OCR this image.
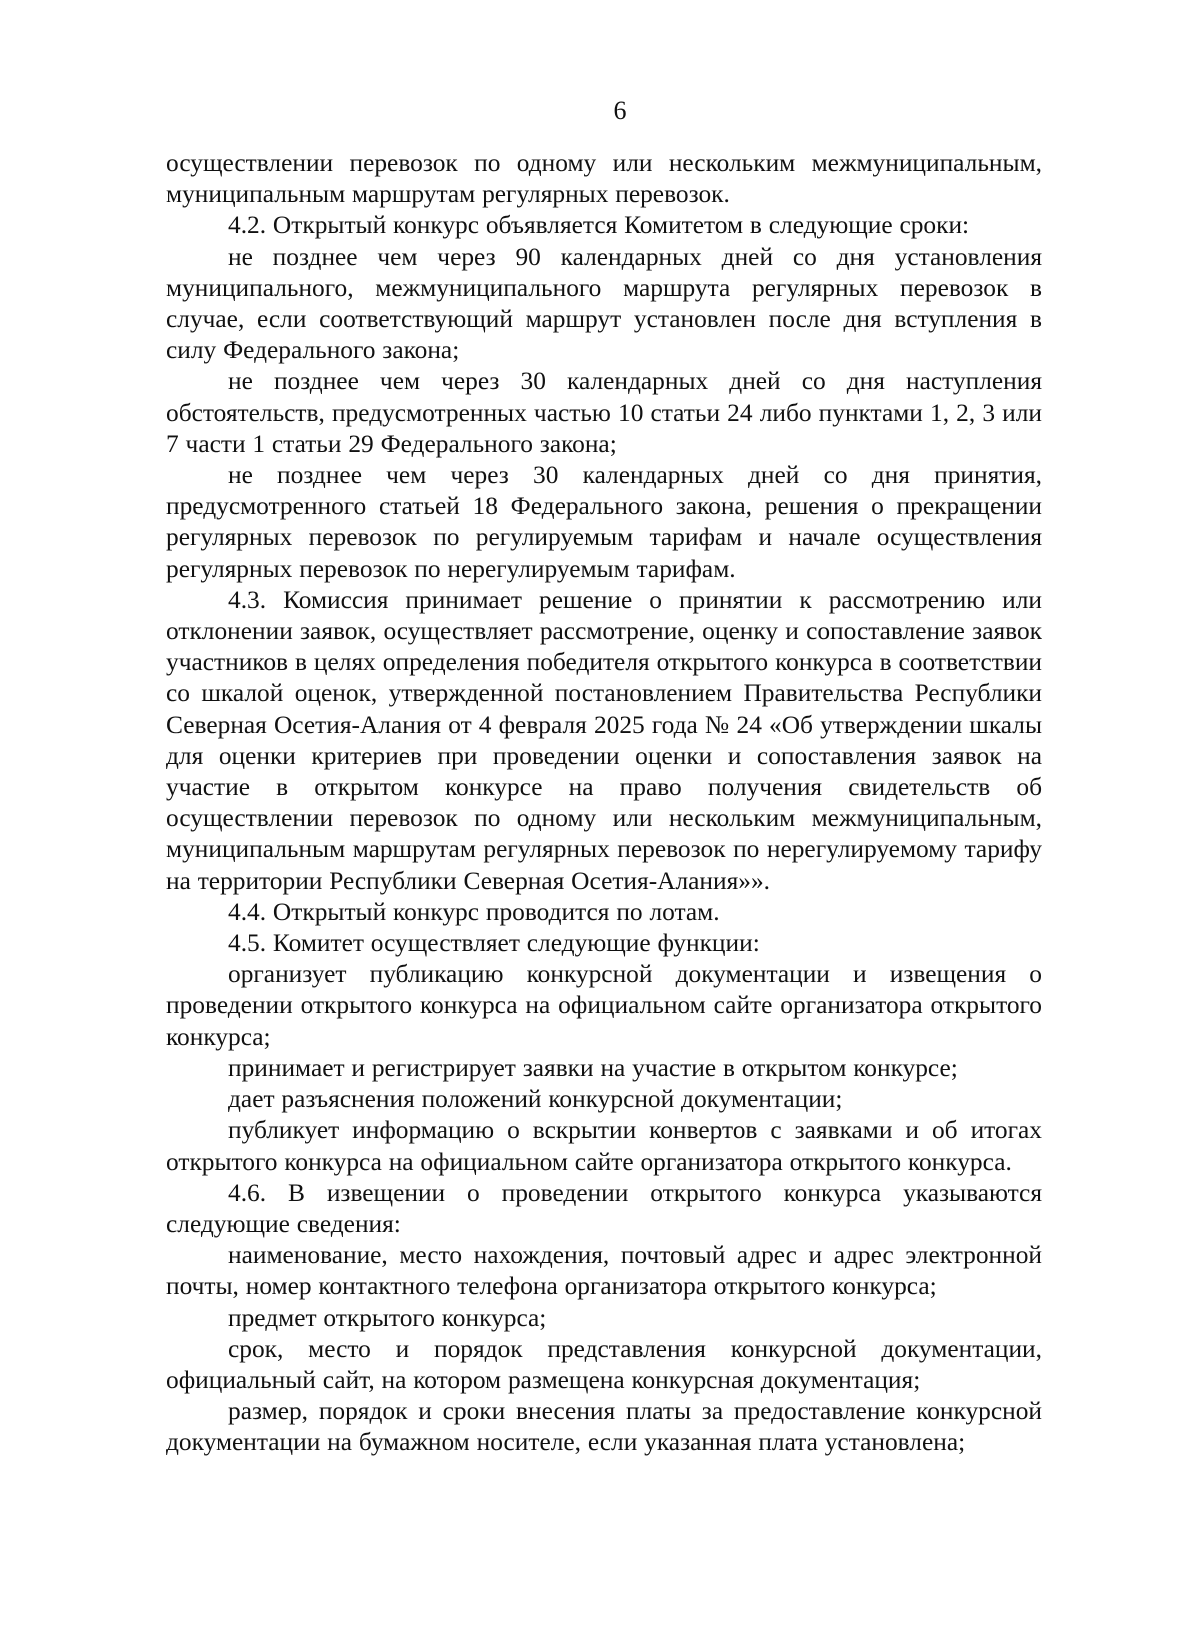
6

осуществлении перевозок по одному или нескольким межмуниципальным, муниципальным маршрутам регулярных перевозок.

4.2. Открытый конкурс объявляется Комитетом в следующие сроки:

не позднее чем через 90 календарных дней со дня установления муниципального, межмуниципального маршрута регулярных перевозок в случае, если соответствующий маршрут установлен после дня вступления в силу Федерального закона;

не позднее чем через 30 календарных дней со дня наступления обстоятельств, предусмотренных частью 10 статьи 24 либо пунктами 1, 2, 3 или 7 части 1 статьи 29 Федерального закона;

не позднее чем через 30 календарных дней со дня принятия, предусмотренного статьей 18 Федерального закона, решения о прекращении регулярных перевозок по регулируемым тарифам и начале осуществления регулярных перевозок по нерегулируемым тарифам.

4.3. Комиссия принимает решение о принятии к рассмотрению или отклонении заявок, осуществляет рассмотрение, оценку и сопоставление заявок участников в целях определения победителя открытого конкурса в соответствии со шкалой оценок, утвержденной постановлением Правительства Республики Северная Осетия-Алания от 4 февраля 2025 года № 24 «Об утверждении шкалы для оценки критериев при проведении оценки и сопоставления заявок на участие в открытом конкурсе на право получения свидетельств об осуществлении перевозок по одному или нескольким межмуниципальным, муниципальным маршрутам регулярных перевозок по нерегулируемому тарифу на территории Республики Северная Осетия-Алания»».

4.4. Открытый конкурс проводится по лотам.

4.5. Комитет осуществляет следующие функции:

организует публикацию конкурсной документации и извещения о проведении открытого конкурса на официальном сайте организатора открытого конкурса;

принимает и регистрирует заявки на участие в открытом конкурсе;

дает разъяснения положений конкурсной документации;

публикует информацию о вскрытии конвертов с заявками и об итогах открытого конкурса на официальном сайте организатора открытого конкурса.

4.6. В извещении о проведении открытого конкурса указываются следующие сведения:

наименование, место нахождения, почтовый адрес и адрес электронной почты, номер контактного телефона организатора открытого конкурса;

предмет открытого конкурса;

срок, место и порядок представления конкурсной документации, официальный сайт, на котором размещена конкурсная документация;

размер, порядок и сроки внесения платы за предоставление конкурсной документации на бумажном носителе, если указанная плата установлена;
